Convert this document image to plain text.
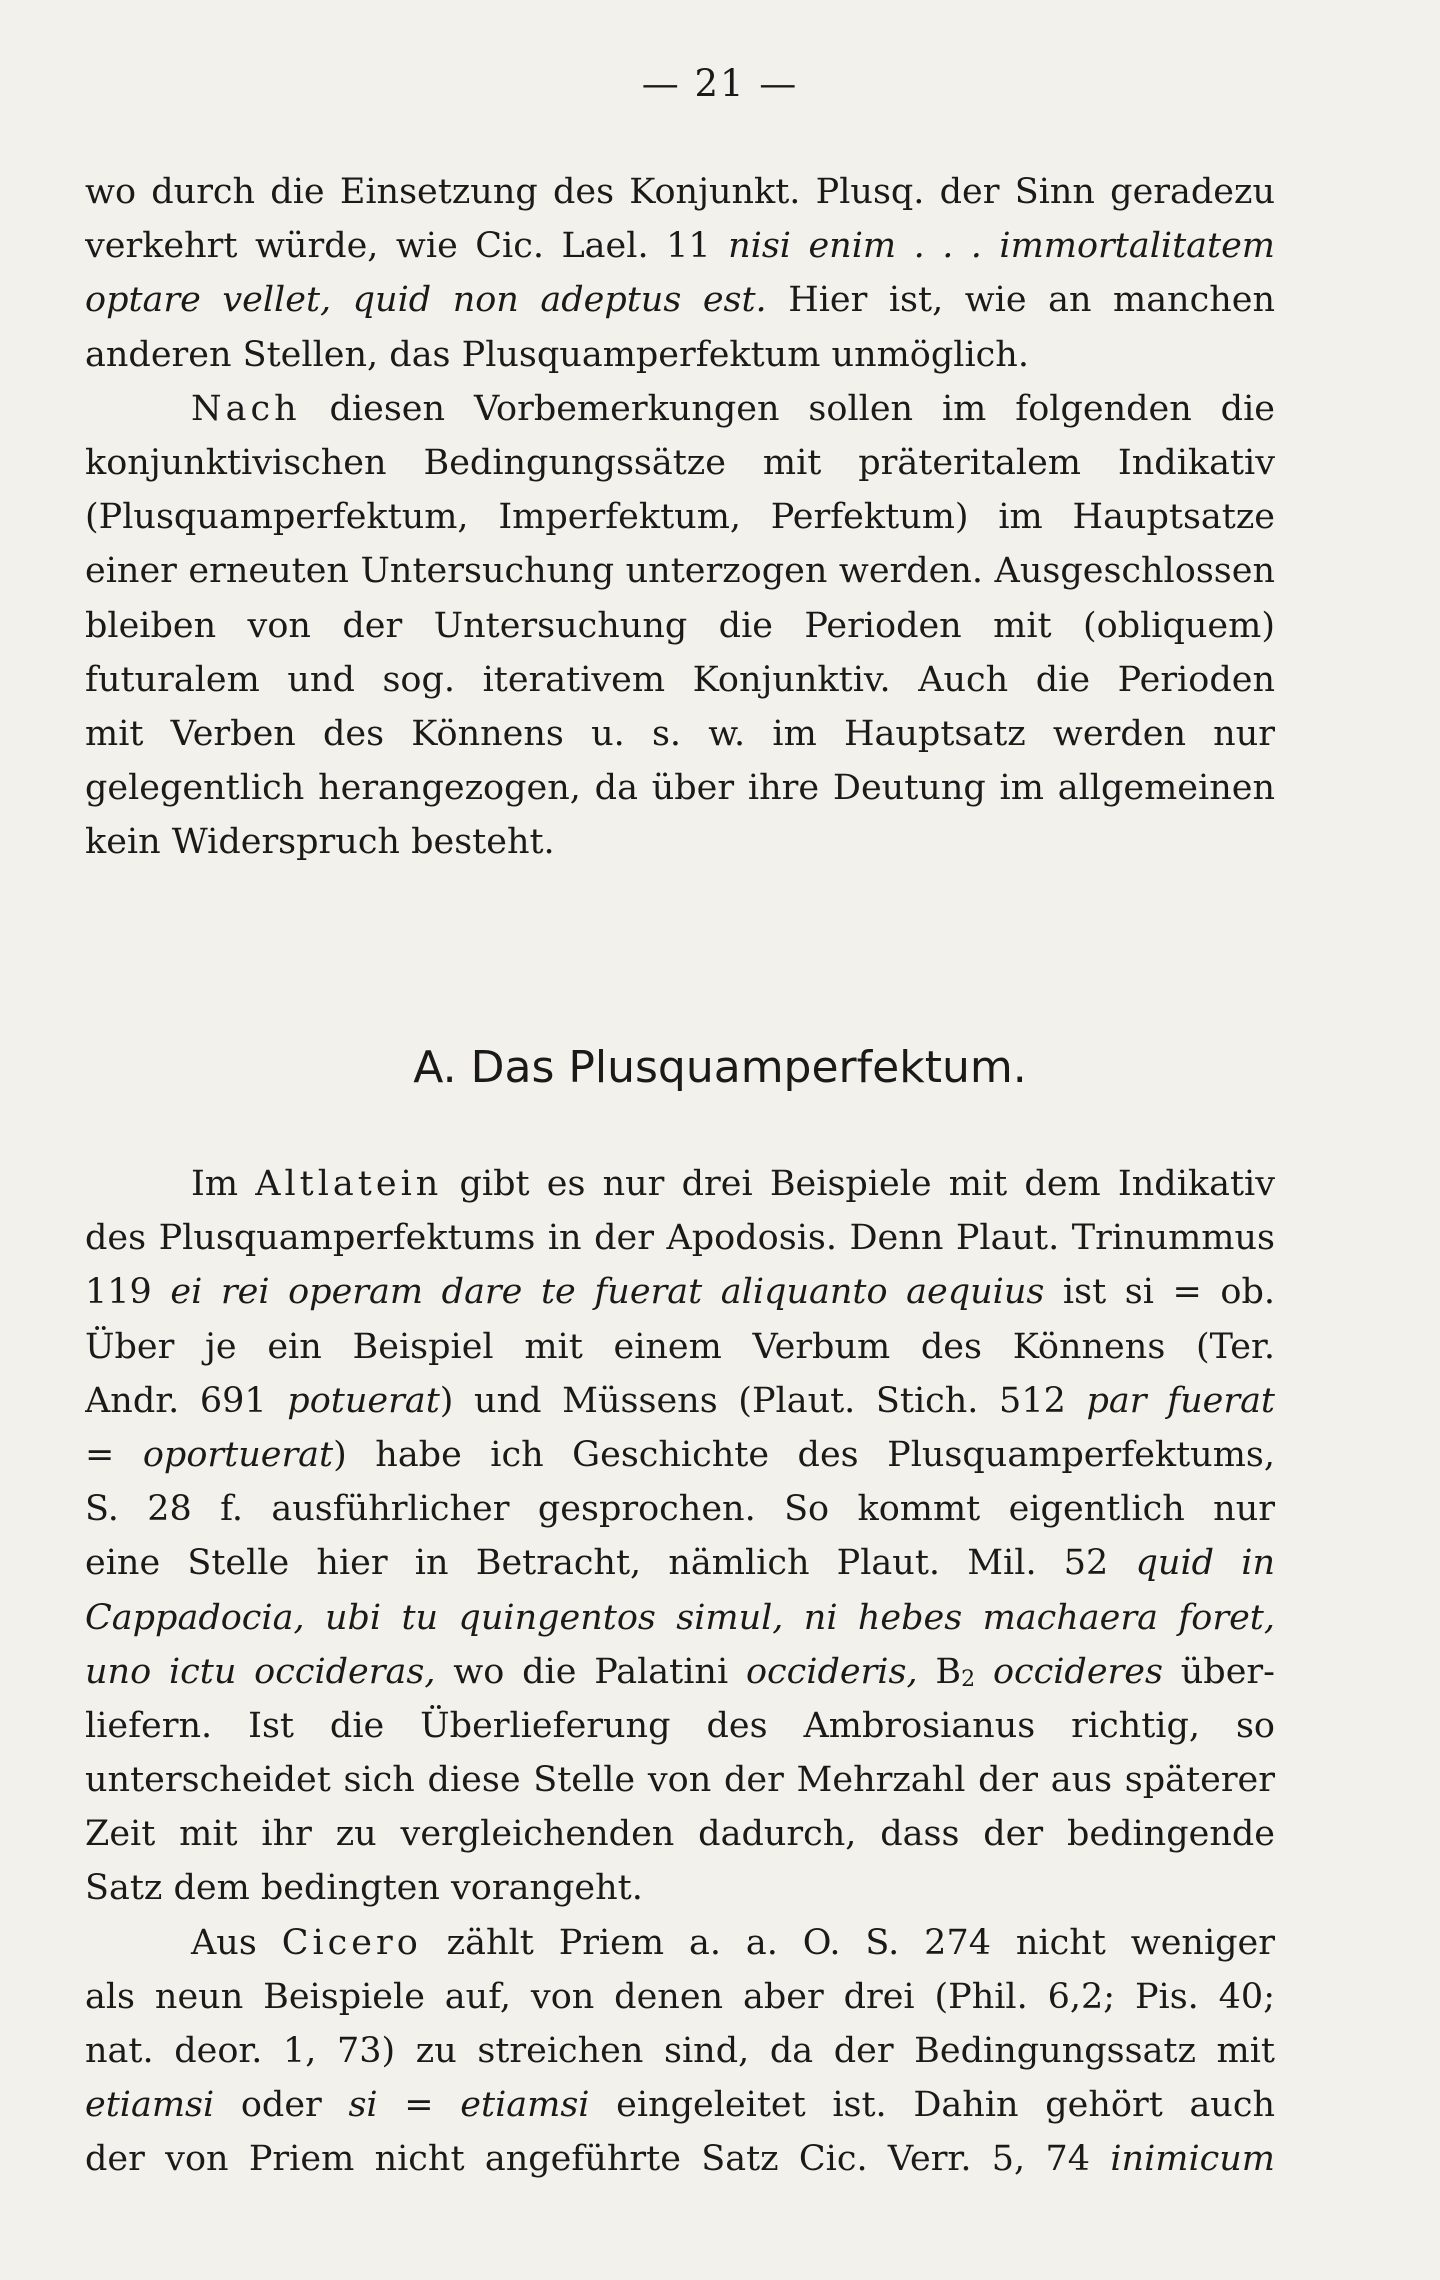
— 21 —
wo durch die Einsetzung des Konjunkt. Plusq. der Sinn geradezu
verkehrt würde, wie Cic. Lael. 11 nisi enim . . . immortalitatem
optare vellet, quid non adeptus est. Hier ist, wie an manchen
anderen Stellen, das Plusquamperfektum unmöglich.
Nach diesen Vorbemerkungen sollen im folgenden die
konjunktivischen Bedingungssätze mit präteritalem Indikativ
(Plusquamperfektum, Imperfektum, Perfektum) im Hauptsatze
einer erneuten Untersuchung unterzogen werden. Ausgeschlossen
bleiben von der Untersuchung die Perioden mit (obliquem)
futuralem und sog. iterativem Konjunktiv. Auch die Perioden
mit Verben des Könnens u. s. w. im Hauptsatz werden nur
gelegentlich herangezogen, da über ihre Deutung im allgemeinen
kein Widerspruch besteht.
A. Das Plusquamperfektum.
Im Altlatein gibt es nur drei Beispiele mit dem Indikativ
des Plusquamperfektums in der Apodosis. Denn Plaut. Trinummus
119 ei rei operam dare te fuerat aliquanto aequius ist si = ob.
Über je ein Beispiel mit einem Verbum des Könnens (Ter.
Andr. 691 potuerat) und Müssens (Plaut. Stich. 512 par fuerat
= oportuerat) habe ich Geschichte des Plusquamperfektums,
S. 28 f. ausführlicher gesprochen. So kommt eigentlich nur
eine Stelle hier in Betracht, nämlich Plaut. Mil. 52 quid in
Cappadocia, ubi tu quingentos simul, ni hebes machaera foret,
uno ictu occideras, wo die Palatini occideris, $B_2$ occideres über-
liefern. Ist die Überlieferung des Ambrosianus richtig, so
unterscheidet sich diese Stelle von der Mehrzahl der aus späterer
Zeit mit ihr zu vergleichenden dadurch, dass der bedingende
Satz dem bedingten vorangeht.
Aus Cicero zählt Priem a. a. O. S. 274 nicht weniger
als neun Beispiele auf, von denen aber drei (Phil. 6,2; Pis. 40;
nat. deor. 1, 73) zu streichen sind, da der Bedingungssatz mit
etiamsi oder si = etiamsi eingeleitet ist. Dahin gehört auch
der von Priem nicht angeführte Satz Cic. Verr. 5, 74 inimicum
